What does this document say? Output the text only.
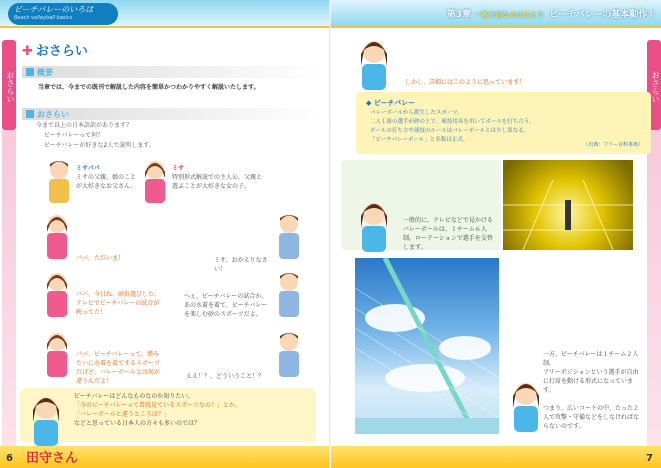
ビーチバレーのいろは
Beach volleyball basics
おさらい
✚ おさらい
概要
当章では、今までの既刊で解説した内容を簡単かつわかりやすく解説いたします。
おさらい
今まで以上の日本語訳があります？
ビーチバレーって何？
ビーチバレーが好きな2人で説明します。
ミサパパ
ミサの父親、娘のことが大好きなお父さん。
ミサ
特別形式解説での主人公。父親と遊ぶことが大好きな女の子。
パパ、ただいま！	ミサ、おかえりなさい！
パパ、今日ね、砂浜遊びした。テレビでビーチバレーの試合が映ってた！
へぇ、ビーチバレーの試合か。あの水着を着て、ビーチバレーを楽しむ砂のスポーツだよ。
パパ、ビーチバレーって、僕みたいに水着を着てするスポーツだけど、バレーボールとは何が違うんだよ！
ええ！？、どういうこと！？
ビーチバレーはどんなものなのか知りたい。
「今のビーチバレーって普段見ているスポーツなの！」とか、
「バレーボールと違うところは？」
などと思っている日本人の方々も多いのでは？
6 田守さん
第3章 一番大切なのはゆとり ビーチバレーの基本動作①
おさらい
しかし、詳細にはこのように思っています！
◆ ビーチバレー
バレーボールから派生したスポーツ。
二人１組の選手が砂の上で、球技用具を用いてボールを打ち合う。
ボールの打ち方や球技のルールはバレーボールとは少し異なる。
「ビーチバレーボール」と名称は正式。
（出典：フリー百科事典）
一般的に、テレビなどで見かけるバレーボールは、１チーム６人制。ローテーションで選手を交替します。
一方、ビーチバレーは１チーム２人制。
フリーポジションという選手が自由に打席を動ける形式になっています。
つまり、広いコートの中、たった２人で攻撃・守備などをしなければならないのです。
7
